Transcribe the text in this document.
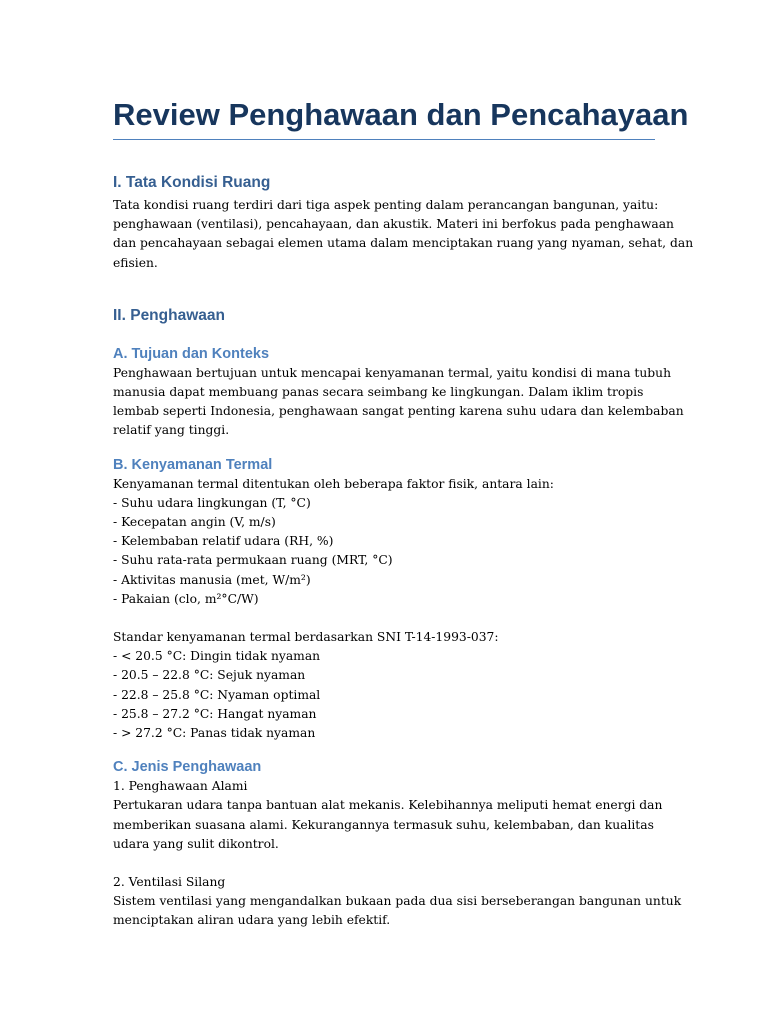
Review Penghawaan dan Pencahayaan
I. Tata Kondisi Ruang
Tata kondisi ruang terdiri dari tiga aspek penting dalam perancangan bangunan, yaitu:
penghawaan (ventilasi), pencahayaan, dan akustik. Materi ini berfokus pada penghawaan
dan pencahayaan sebagai elemen utama dalam menciptakan ruang yang nyaman, sehat, dan
efisien.
II. Penghawaan
A. Tujuan dan Konteks
Penghawaan bertujuan untuk mencapai kenyamanan termal, yaitu kondisi di mana tubuh
manusia dapat membuang panas secara seimbang ke lingkungan. Dalam iklim tropis
lembab seperti Indonesia, penghawaan sangat penting karena suhu udara dan kelembaban
relatif yang tinggi.
B. Kenyamanan Termal
Kenyamanan termal ditentukan oleh beberapa faktor fisik, antara lain:
- Suhu udara lingkungan (T, °C)
- Kecepatan angin (V, m/s)
- Kelembaban relatif udara (RH, %)
- Suhu rata-rata permukaan ruang (MRT, °C)
- Aktivitas manusia (met, W/m²)
- Pakaian (clo, m²°C/W)
Standar kenyamanan termal berdasarkan SNI T-14-1993-037:
- < 20.5 °C: Dingin tidak nyaman
- 20.5 – 22.8 °C: Sejuk nyaman
- 22.8 – 25.8 °C: Nyaman optimal
- 25.8 – 27.2 °C: Hangat nyaman
- > 27.2 °C: Panas tidak nyaman
C. Jenis Penghawaan
1. Penghawaan Alami
Pertukaran udara tanpa bantuan alat mekanis. Kelebihannya meliputi hemat energi dan
memberikan suasana alami. Kekurangannya termasuk suhu, kelembaban, dan kualitas
udara yang sulit dikontrol.
2. Ventilasi Silang
Sistem ventilasi yang mengandalkan bukaan pada dua sisi berseberangan bangunan untuk
menciptakan aliran udara yang lebih efektif.
